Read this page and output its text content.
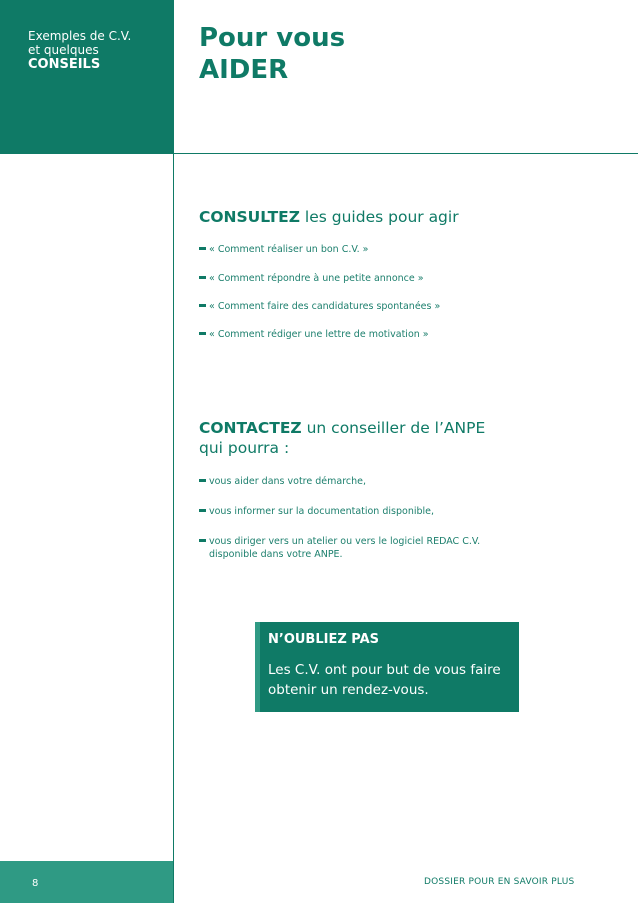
Exemples de C.V.
et quelques
CONSEILS
Pour vous
AIDER
CONSULTEZ les guides pour agir
« Comment réaliser un bon C.V. »
« Comment répondre à une petite annonce »
« Comment faire des candidatures spontanées »
« Comment rédiger une lettre de motivation »
CONTACTEZ un conseiller de l’ANPE
qui pourra :
vous aider dans votre démarche,
vous informer sur la documentation disponible,
vous diriger vers un atelier ou vers le logiciel REDAC C.V.
disponible dans votre ANPE.
N’OUBLIEZ PAS
Les C.V. ont pour but de vous faire obtenir un rendez-vous.
8	DOSSIER POUR EN SAVOIR PLUS
